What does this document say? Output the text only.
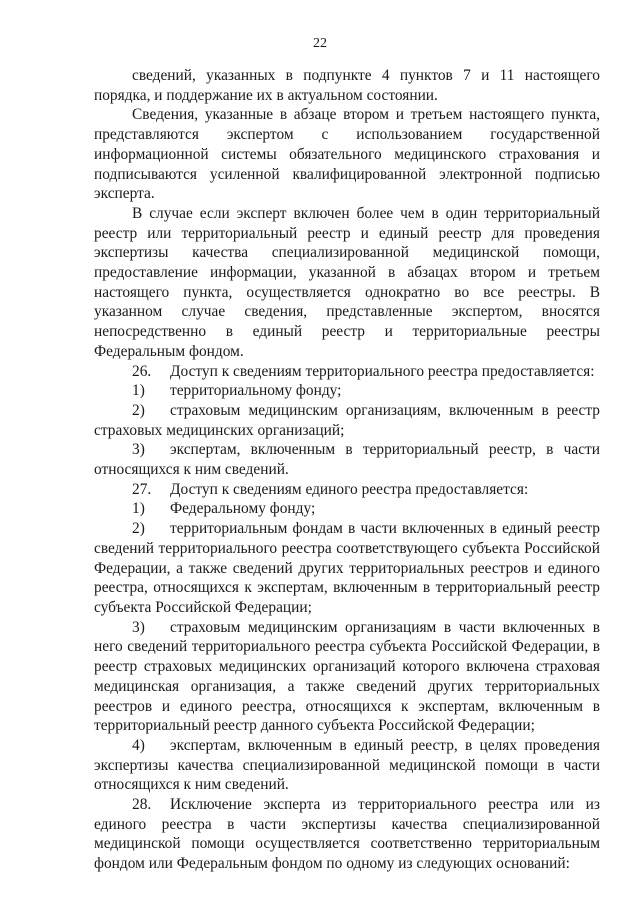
22

сведений, указанных в подпункте 4 пунктов 7 и 11 настоящего порядка, и поддержание их в актуальном состоянии.

Сведения, указанные в абзаце втором и третьем настоящего пункта, представляются экспертом с использованием государственной информационной системы обязательного медицинского страхования и подписываются усиленной квалифицированной электронной подписью эксперта.

В случае если эксперт включен более чем в один территориальный реестр или территориальный реестр и единый реестр для проведения экспертизы качества специализированной медицинской помощи, предоставление информации, указанной в абзацах втором и третьем настоящего пункта, осуществляется однократно во все реестры. В указанном случае сведения, представленные экспертом, вносятся непосредственно в единый реестр и территориальные реестры Федеральным фондом.

26. Доступ к сведениям территориального реестра предоставляется:

1) территориальному фонду;

2) страховым медицинским организациям, включенным в реестр страховых медицинских организаций;

3) экспертам, включенным в территориальный реестр, в части относящихся к ним сведений.

27. Доступ к сведениям единого реестра предоставляется:

1) Федеральному фонду;

2) территориальным фондам в части включенных в единый реестр сведений территориального реестра соответствующего субъекта Российской Федерации, а также сведений других территориальных реестров и единого реестра, относящихся к экспертам, включенным в территориальный реестр субъекта Российской Федерации;

3) страховым медицинским организациям в части включенных в него сведений территориального реестра субъекта Российской Федерации, в реестр страховых медицинских организаций которого включена страховая медицинская организация, а также сведений других территориальных реестров и единого реестра, относящихся к экспертам, включенным в территориальный реестр данного субъекта Российской Федерации;

4) экспертам, включенным в единый реестр, в целях проведения экспертизы качества специализированной медицинской помощи в части относящихся к ним сведений.

28. Исключение эксперта из территориального реестра или из единого реестра в части экспертизы качества специализированной медицинской помощи осуществляется соответственно территориальным фондом или Федеральным фондом по одному из следующих оснований:
